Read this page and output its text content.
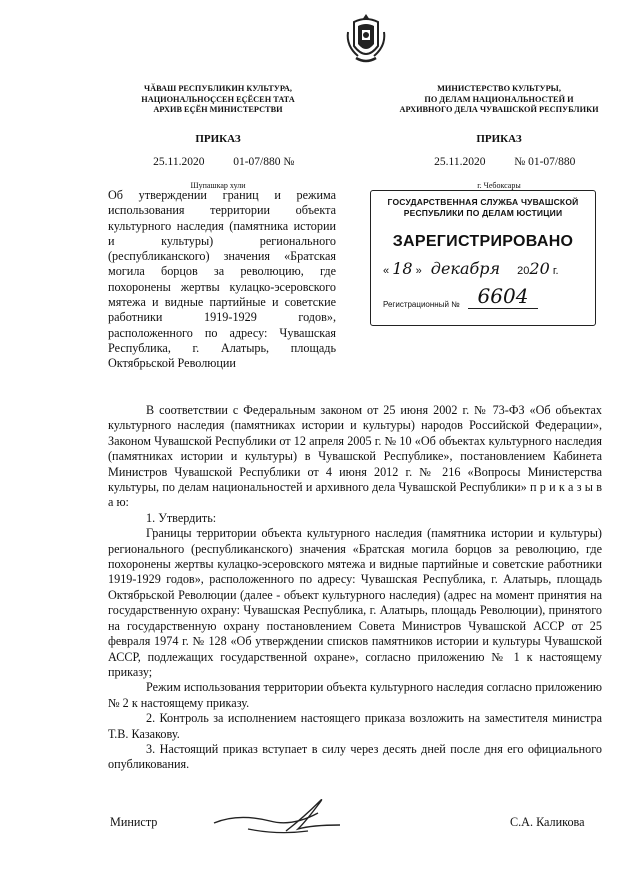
ЧӐВАШ РЕСПУБЛИКИН КУЛЬТУРА,
НАЦИОНАЛЬНОҪСЕН ЕҪӖСЕН ТАТА
АРХИВ ЕҪӖН МИНИСТЕРСТВИ
ПРИКАЗ

25.11.2020	01-07/880 №

Шупашкар хули
МИНИСТЕРСТВО КУЛЬТУРЫ,
ПО ДЕЛАМ НАЦИОНАЛЬНОСТЕЙ И
АРХИВНОГО ДЕЛА ЧУВАШСКОЙ РЕСПУБЛИКИ
ПРИКАЗ

25.11.2020	№ 01-07/880

г. Чебоксары
Об утверждении границ и режима использования территории объекта культурного наследия (памятника истории и культуры) регионального (республиканского) значения «Братская могила борцов за революцию, где похоронены жертвы кулацко-эсеровского мятежа и видные партийные и советские работники 1919-1929 годов», расположенного по адресу: Чувашская Республика, г. Алатырь, площадь Октябрьской Революции
ГОСУДАРСТВЕННАЯ СЛУЖБА ЧУВАШСКОЙ
РЕСПУБЛИКИ ПО ДЕЛАМ ЮСТИЦИИ
ЗАРЕГИСТРИРОВАНО
« 18 » декабря 2020 г.
Регистрационный № 6604

В соответствии с Федеральным законом от 25 июня 2002 г. № 73-ФЗ «Об объектах культурного наследия (памятниках истории и культуры) народов Российской Федерации», Законом Чувашской Республики от 12 апреля 2005 г. № 10 «Об объектах культурного наследия (памятниках истории и культуры) в Чувашской Республике», постановлением Кабинета Министров Чувашской Республики от 4 июня 2012 г. № 216 «Вопросы Министерства культуры, по делам национальностей и архивного дела Чувашской Республики» п р и к а з ы в а ю:

1. Утвердить:

Границы территории объекта культурного наследия (памятника истории и культуры) регионального (республиканского) значения «Братская могила борцов за революцию, где похоронены жертвы кулацко-эсеровского мятежа и видные партийные и советские работники 1919-1929 годов», расположенного по адресу: Чувашская Республика, г. Алатырь, площадь Октябрьской Революции (далее - объект культурного наследия) (адрес на момент принятия на государственную охрану: Чувашская Республика, г. Алатырь, площадь Революции), принятого на государственную охрану постановлением Совета Министров Чувашской АССР от 25 февраля 1974 г. № 128 «Об утверждении списков памятников истории и культуры Чувашской АССР, подлежащих государственной охране», согласно приложению № 1 к настоящему приказу;

Режим использования территории объекта культурного наследия согласно приложению № 2 к настоящему приказу.

2. Контроль за исполнением настоящего приказа возложить на заместителя министра Т.В. Казакову.

3. Настоящий приказ вступает в силу через десять дней после дня его официального опубликования.

Министр	С.А. Каликова
